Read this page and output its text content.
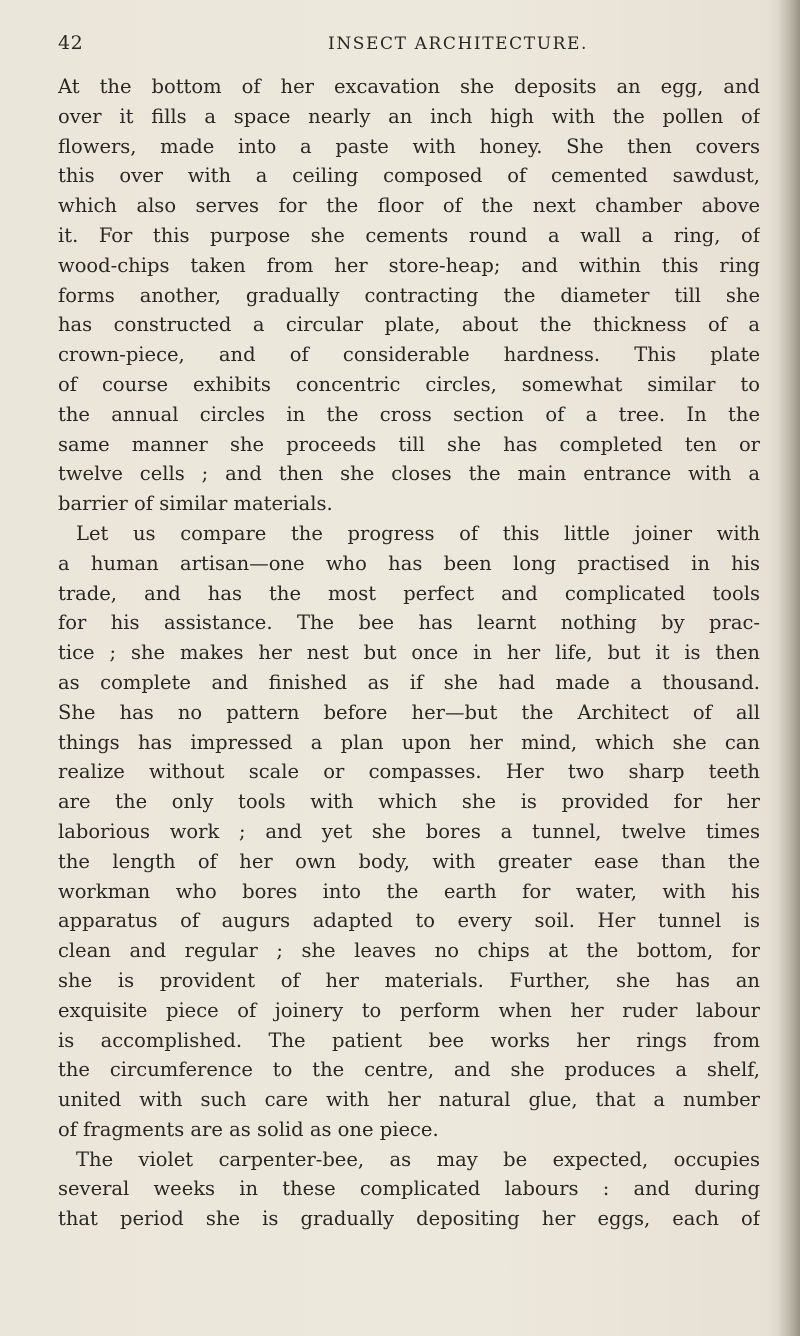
42	INSECT ARCHITECTURE.
At the bottom of her excavation she deposits an egg, and
over it fills a space nearly an inch high with the pollen of
flowers, made into a paste with honey. She then covers
this over with a ceiling composed of cemented sawdust,
which also serves for the floor of the next chamber above
it. For this purpose she cements round a wall a ring, of
wood-chips taken from her store-heap; and within this ring
forms another, gradually contracting the diameter till she
has constructed a circular plate, about the thickness of a
crown-piece, and of considerable hardness. This plate
of course exhibits concentric circles, somewhat similar to
the annual circles in the cross section of a tree. In the
same manner she proceeds till she has completed ten or
twelve cells ; and then she closes the main entrance with a
barrier of similar materials.
Let us compare the progress of this little joiner with
a human artisan—one who has been long practised in his
trade, and has the most perfect and complicated tools
for his assistance. The bee has learnt nothing by prac-
tice ; she makes her nest but once in her life, but it is then
as complete and finished as if she had made a thousand.
She has no pattern before her—but the Architect of all
things has impressed a plan upon her mind, which she can
realize without scale or compasses. Her two sharp teeth
are the only tools with which she is provided for her
laborious work ; and yet she bores a tunnel, twelve times
the length of her own body, with greater ease than the
workman who bores into the earth for water, with his
apparatus of augurs adapted to every soil. Her tunnel is
clean and regular ; she leaves no chips at the bottom, for
she is provident of her materials. Further, she has an
exquisite piece of joinery to perform when her ruder labour
is accomplished. The patient bee works her rings from
the circumference to the centre, and she produces a shelf,
united with such care with her natural glue, that a number
of fragments are as solid as one piece.
The violet carpenter-bee, as may be expected, occupies
several weeks in these complicated labours : and during
that period she is gradually depositing her eggs, each of
